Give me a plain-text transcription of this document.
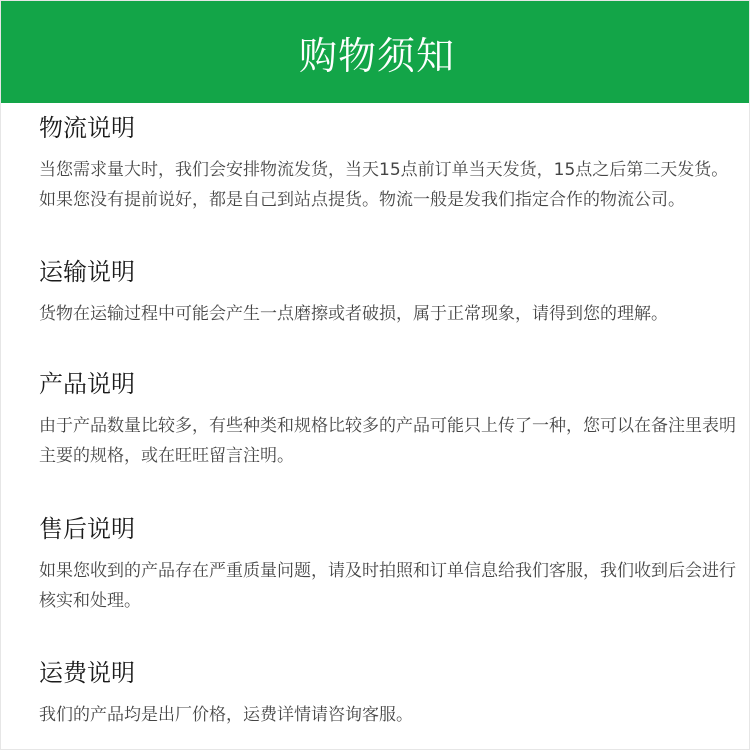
购物须知
物流说明

当您需求量大时，我们会安排物流发货，当天15点前订单当天发货，15点之后第二天发货。如果您没有提前说好，都是自己到站点提货。物流一般是发我们指定合作的物流公司。

运输说明

货物在运输过程中可能会产生一点磨擦或者破损，属于正常现象，请得到您的理解。

产品说明

由于产品数量比较多，有些种类和规格比较多的产品可能只上传了一种，您可以在备注里表明主要的规格，或在旺旺留言注明。

售后说明

如果您收到的产品存在严重质量问题，请及时拍照和订单信息给我们客服，我们收到后会进行核实和处理。

运费说明

我们的产品均是出厂价格，运费详情请咨询客服。
